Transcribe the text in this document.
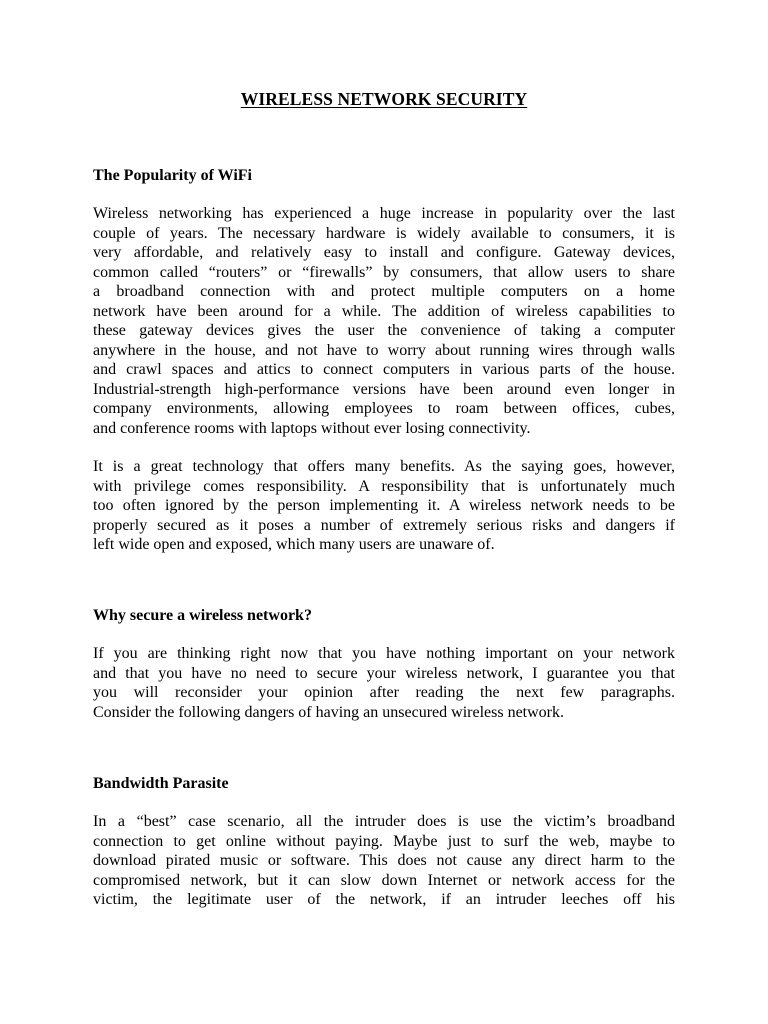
WIRELESS NETWORK SECURITY
The Popularity of WiFi

Wireless networking has experienced a huge increase in popularity over the last
couple of years. The necessary hardware is widely available to consumers, it is
very affordable, and relatively easy to install and configure. Gateway devices,
common called “routers” or “firewalls” by consumers, that allow users to share
a broadband connection with and protect multiple computers on a home
network have been around for a while. The addition of wireless capabilities to
these gateway devices gives the user the convenience of taking a computer
anywhere in the house, and not have to worry about running wires through walls
and crawl spaces and attics to connect computers in various parts of the house.
Industrial-strength high-performance versions have been around even longer in
company environments, allowing employees to roam between offices, cubes,
and conference rooms with laptops without ever losing connectivity.

It is a great technology that offers many benefits. As the saying goes, however,
with privilege comes responsibility. A responsibility that is unfortunately much
too often ignored by the person implementing it. A wireless network needs to be
properly secured as it poses a number of extremely serious risks and dangers if
left wide open and exposed, which many users are unaware of.

Why secure a wireless network?

If you are thinking right now that you have nothing important on your network
and that you have no need to secure your wireless network, I guarantee you that
you will reconsider your opinion after reading the next few paragraphs.
Consider the following dangers of having an unsecured wireless network.

Bandwidth Parasite

In a “best” case scenario, all the intruder does is use the victim’s broadband
connection to get online without paying. Maybe just to surf the web, maybe to
download pirated music or software. This does not cause any direct harm to the
compromised network, but it can slow down Internet or network access for the
victim, the legitimate user of the network, if an intruder leeches off his
